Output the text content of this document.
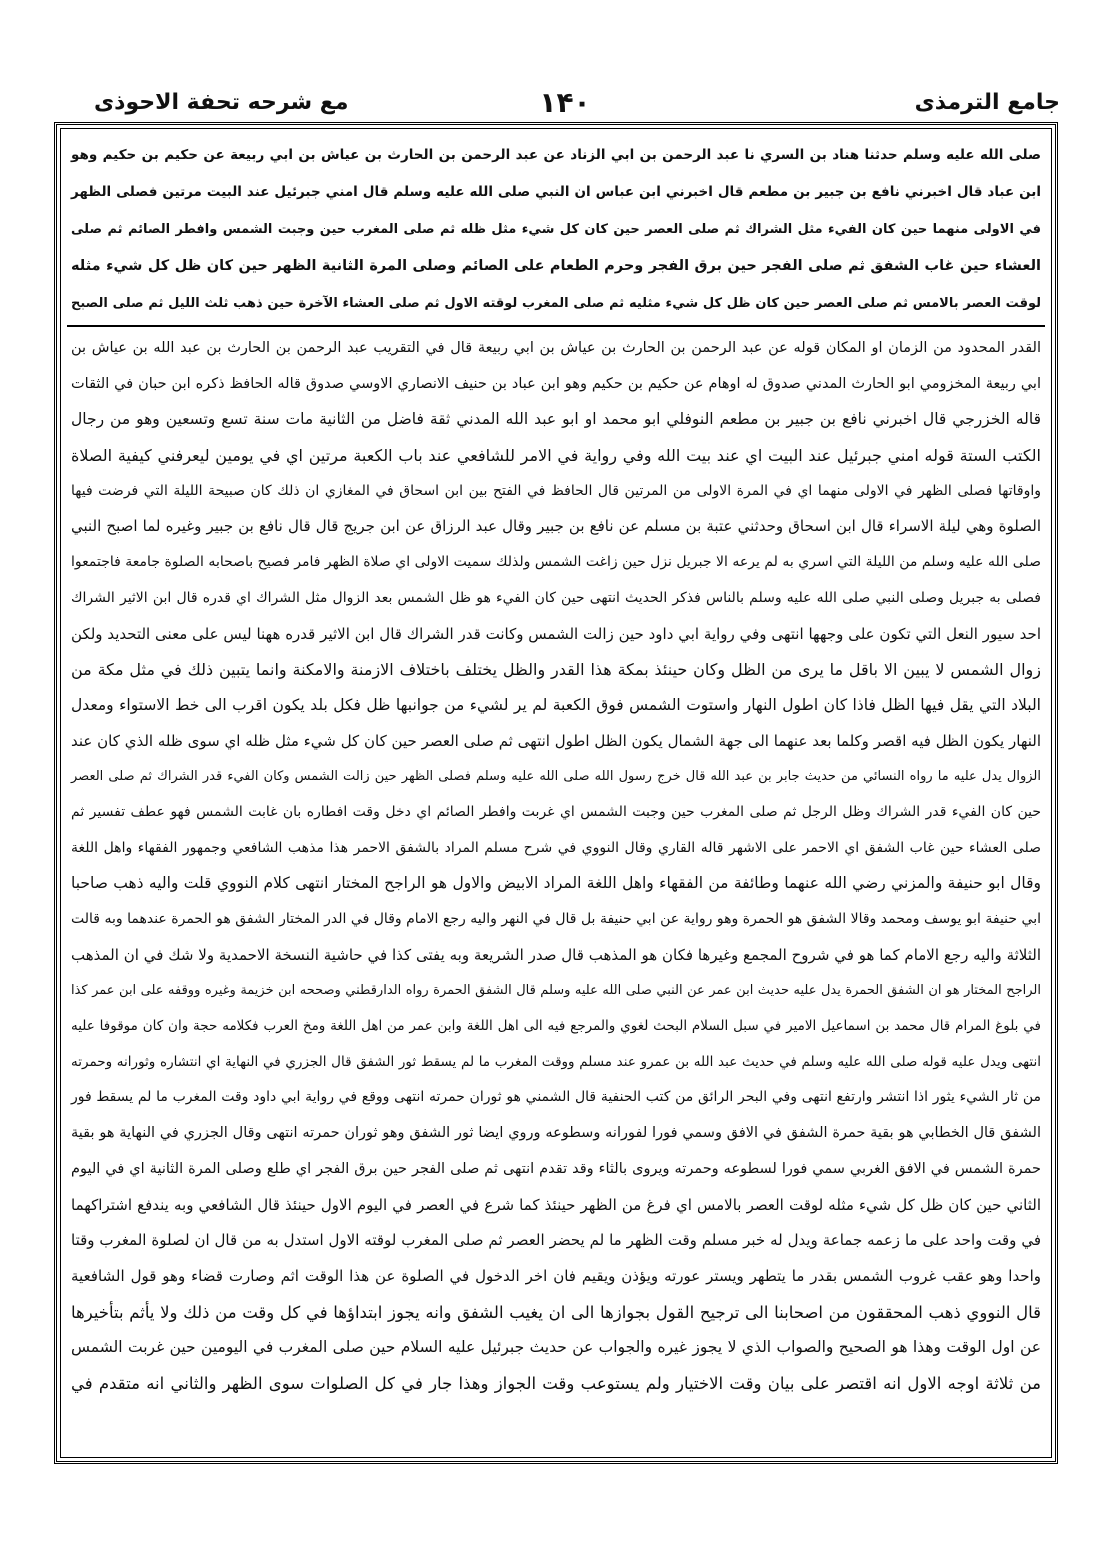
جامع الترمذی
۱۴۰
مع شرحه تحفة الاحوذی
صلى الله عليه وسلم حدثنا هناد بن السري نا عبد الرحمن بن ابي الزناد عن عبد الرحمن بن الحارث بن عياش بن ابي ربيعة عن حكيم بن حكيم وهو
ابن عباد قال اخبرني نافع بن جبير بن مطعم قال اخبرني ابن عباس ان النبي صلى الله عليه وسلم قال امني جبرئيل عند البيت مرتين فصلى الظهر
في الاولى منهما حين كان الفيء مثل الشراك ثم صلى العصر حين كان كل شيء مثل ظله ثم صلى المغرب حين وجبت الشمس وافطر الصائم ثم صلى
العشاء حين غاب الشفق ثم صلى الفجر حين برق الفجر وحرم الطعام على الصائم وصلى المرة الثانية الظهر حين كان ظل كل شيء مثله
لوقت العصر بالامس ثم صلى العصر حين كان ظل كل شيء مثليه ثم صلى المغرب لوقته الاول ثم صلى العشاء الآخرة حين ذهب ثلث الليل ثم صلى الصبح
القدر المحدود من الزمان او المكان قوله عن عبد الرحمن بن الحارث بن عياش بن ابي ربيعة قال في التقريب عبد الرحمن بن الحارث بن عبد الله بن عياش بن
ابي ربيعة المخزومي ابو الحارث المدني صدوق له اوهام عن حكيم بن حكيم وهو ابن عباد بن حنيف الانصاري الاوسي صدوق قاله الحافظ ذكره ابن حبان في الثقات
قاله الخزرجي قال اخبرني نافع بن جبير بن مطعم النوفلي ابو محمد او ابو عبد الله المدني ثقة فاضل من الثانية مات سنة تسع وتسعين وهو من رجال
الكتب الستة قوله امني جبرئيل عند البيت اي عند بيت الله وفي رواية في الامر للشافعي عند باب الكعبة مرتين اي في يومين ليعرفني كيفية الصلاة
واوقاتها فصلى الظهر في الاولى منهما اي في المرة الاولى من المرتين قال الحافظ في الفتح بين ابن اسحاق في المغازي ان ذلك كان صبيحة الليلة التي فرضت فيها
الصلوة وهي ليلة الاسراء قال ابن اسحاق وحدثني عتبة بن مسلم عن نافع بن جبير وقال عبد الرزاق عن ابن جريج قال قال نافع بن جبير وغيره لما اصبح النبي
صلى الله عليه وسلم من الليلة التي اسري به لم يرعه الا جبريل نزل حين زاغت الشمس ولذلك سميت الاولى اي صلاة الظهر فامر فصيح باصحابه الصلوة جامعة فاجتمعوا
فصلى به جبريل وصلى النبي صلى الله عليه وسلم بالناس فذكر الحديث انتهى حين كان الفيء هو ظل الشمس بعد الزوال مثل الشراك اي قدره قال ابن الاثير الشراك
احد سيور النعل التي تكون على وجهها انتهى وفي رواية ابي داود حين زالت الشمس وكانت قدر الشراك قال ابن الاثير قدره ههنا ليس على معنى التحديد ولكن
زوال الشمس لا يبين الا باقل ما يرى من الظل وكان حينئذ بمكة هذا القدر والظل يختلف باختلاف الازمنة والامكنة وانما يتبين ذلك في مثل مكة من
البلاد التي يقل فيها الظل فاذا كان اطول النهار واستوت الشمس فوق الكعبة لم ير لشيء من جوانبها ظل فكل بلد يكون اقرب الى خط الاستواء ومعدل
النهار يكون الظل فيه اقصر وكلما بعد عنهما الى جهة الشمال يكون الظل اطول انتهى ثم صلى العصر حين كان كل شيء مثل ظله اي سوى ظله الذي كان عند
الزوال يدل عليه ما رواه النسائي من حديث جابر بن عبد الله قال خرج رسول الله صلى الله عليه وسلم فصلى الظهر حين زالت الشمس وكان الفيء قدر الشراك ثم صلى العصر
حين كان الفيء قدر الشراك وظل الرجل ثم صلى المغرب حين وجبت الشمس اي غربت وافطر الصائم اي دخل وقت افطاره بان غابت الشمس فهو عطف تفسير ثم
صلى العشاء حين غاب الشفق اي الاحمر على الاشهر قاله القاري وقال النووي في شرح مسلم المراد بالشفق الاحمر هذا مذهب الشافعي وجمهور الفقهاء واهل اللغة
وقال ابو حنيفة والمزني رضي الله عنهما وطائفة من الفقهاء واهل اللغة المراد الابيض والاول هو الراجح المختار انتهى كلام النووي قلت واليه ذهب صاحبا
ابي حنيفة ابو يوسف ومحمد وقالا الشفق هو الحمرة وهو رواية عن ابي حنيفة بل قال في النهر واليه رجع الامام وقال في الدر المختار الشفق هو الحمرة عندهما وبه قالت
الثلاثة واليه رجع الامام كما هو في شروح المجمع وغيرها فكان هو المذهب قال صدر الشريعة وبه يفتى كذا في حاشية النسخة الاحمدية ولا شك في ان المذهب
الراجح المختار هو ان الشفق الحمرة يدل عليه حديث ابن عمر عن النبي صلى الله عليه وسلم قال الشفق الحمرة رواه الدارقطني وصححه ابن خزيمة وغيره ووقفه على ابن عمر كذا
في بلوغ المرام قال محمد بن اسماعيل الامير في سبل السلام البحث لغوي والمرجع فيه الى اهل اللغة وابن عمر من اهل اللغة ومخ العرب فكلامه حجة وان كان موقوفا عليه
انتهى ويدل عليه قوله صلى الله عليه وسلم في حديث عبد الله بن عمرو عند مسلم ووقت المغرب ما لم يسقط ثور الشفق قال الجزري في النهاية اي انتشاره وثورانه وحمرته
من ثار الشيء يثور اذا انتشر وارتفع انتهى وفي البحر الرائق من كتب الحنفية قال الشمني هو ثوران حمرته انتهى ووقع في رواية ابي داود وقت المغرب ما لم يسقط فور
الشفق قال الخطابي هو بقية حمرة الشفق في الافق وسمي فورا لفورانه وسطوعه وروي ايضا ثور الشفق وهو ثوران حمرته انتهى وقال الجزري في النهاية هو بقية
حمرة الشمس في الافق الغربي سمي فورا لسطوعه وحمرته ويروى بالثاء وقد تقدم انتهى ثم صلى الفجر حين برق الفجر اي طلع وصلى المرة الثانية اي في اليوم
الثاني حين كان ظل كل شيء مثله لوقت العصر بالامس اي فرغ من الظهر حينئذ كما شرع في العصر في اليوم الاول حينئذ قال الشافعي وبه يندفع اشتراكهما
في وقت واحد على ما زعمه جماعة ويدل له خبر مسلم وقت الظهر ما لم يحضر العصر ثم صلى المغرب لوقته الاول استدل به من قال ان لصلوة المغرب وقتا
واحدا وهو عقب غروب الشمس بقدر ما يتطهر ويستر عورته ويؤذن ويقيم فان اخر الدخول في الصلوة عن هذا الوقت اثم وصارت قضاء وهو قول الشافعية
قال النووي ذهب المحققون من اصحابنا الى ترجيح القول بجوازها الى ان يغيب الشفق وانه يجوز ابتداؤها في كل وقت من ذلك ولا يأثم بتأخيرها
عن اول الوقت وهذا هو الصحيح والصواب الذي لا يجوز غيره والجواب عن حديث جبرئيل عليه السلام حين صلى المغرب في اليومين حين غربت الشمس
من ثلاثة اوجه الاول انه اقتصر على بيان وقت الاختيار ولم يستوعب وقت الجواز وهذا جار في كل الصلوات سوى الظهر والثاني انه متقدم في
